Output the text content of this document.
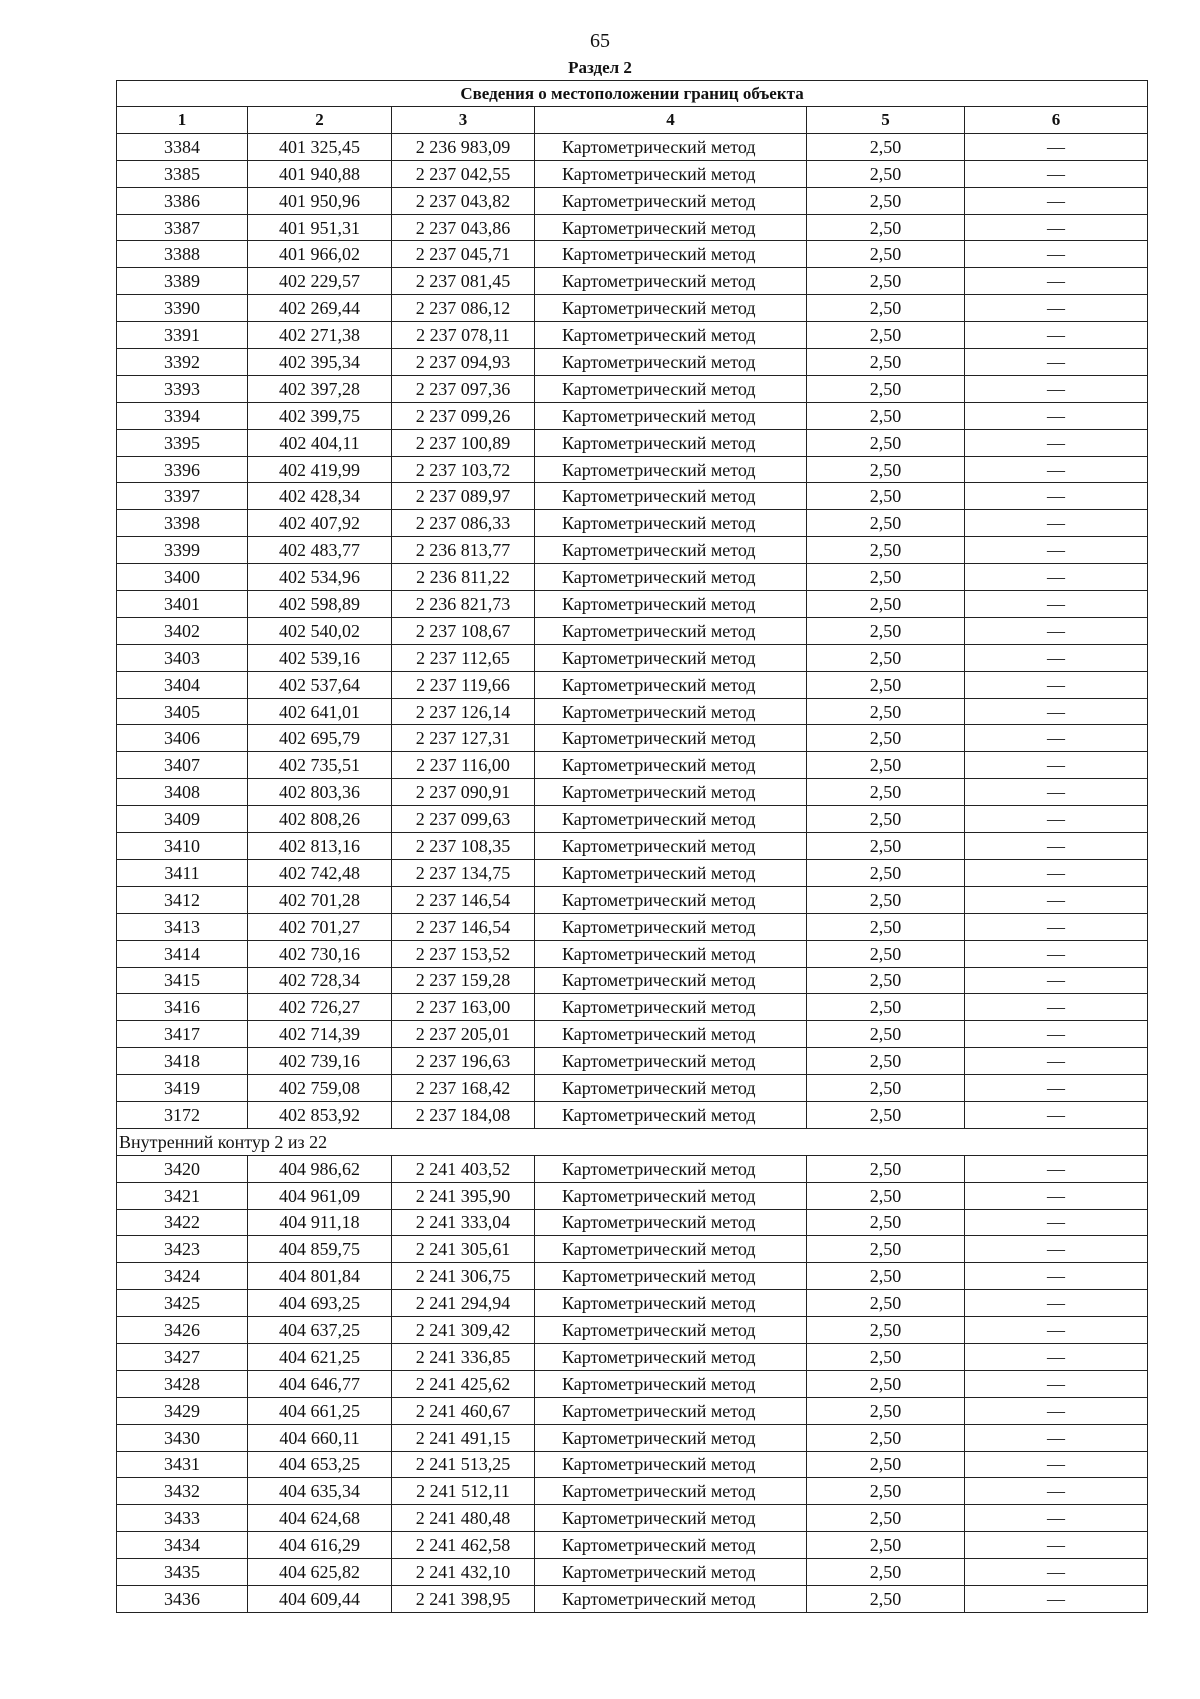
65
Раздел 2
Сведения о местоположении границ объекта					
1	2	3	4	5	6
3384	401 325,45	2 236 983,09	Картометрический метод	2,50	—
3385	401 940,88	2 237 042,55	Картометрический метод	2,50	—
3386	401 950,96	2 237 043,82	Картометрический метод	2,50	—
3387	401 951,31	2 237 043,86	Картометрический метод	2,50	—
3388	401 966,02	2 237 045,71	Картометрический метод	2,50	—
3389	402 229,57	2 237 081,45	Картометрический метод	2,50	—
3390	402 269,44	2 237 086,12	Картометрический метод	2,50	—
3391	402 271,38	2 237 078,11	Картометрический метод	2,50	—
3392	402 395,34	2 237 094,93	Картометрический метод	2,50	—
3393	402 397,28	2 237 097,36	Картометрический метод	2,50	—
3394	402 399,75	2 237 099,26	Картометрический метод	2,50	—
3395	402 404,11	2 237 100,89	Картометрический метод	2,50	—
3396	402 419,99	2 237 103,72	Картометрический метод	2,50	—
3397	402 428,34	2 237 089,97	Картометрический метод	2,50	—
3398	402 407,92	2 237 086,33	Картометрический метод	2,50	—
3399	402 483,77	2 236 813,77	Картометрический метод	2,50	—
3400	402 534,96	2 236 811,22	Картометрический метод	2,50	—
3401	402 598,89	2 236 821,73	Картометрический метод	2,50	—
3402	402 540,02	2 237 108,67	Картометрический метод	2,50	—
3403	402 539,16	2 237 112,65	Картометрический метод	2,50	—
3404	402 537,64	2 237 119,66	Картометрический метод	2,50	—
3405	402 641,01	2 237 126,14	Картометрический метод	2,50	—
3406	402 695,79	2 237 127,31	Картометрический метод	2,50	—
3407	402 735,51	2 237 116,00	Картометрический метод	2,50	—
3408	402 803,36	2 237 090,91	Картометрический метод	2,50	—
3409	402 808,26	2 237 099,63	Картометрический метод	2,50	—
3410	402 813,16	2 237 108,35	Картометрический метод	2,50	—
3411	402 742,48	2 237 134,75	Картометрический метод	2,50	—
3412	402 701,28	2 237 146,54	Картометрический метод	2,50	—
3413	402 701,27	2 237 146,54	Картометрический метод	2,50	—
3414	402 730,16	2 237 153,52	Картометрический метод	2,50	—
3415	402 728,34	2 237 159,28	Картометрический метод	2,50	—
3416	402 726,27	2 237 163,00	Картометрический метод	2,50	—
3417	402 714,39	2 237 205,01	Картометрический метод	2,50	—
3418	402 739,16	2 237 196,63	Картометрический метод	2,50	—
3419	402 759,08	2 237 168,42	Картометрический метод	2,50	—
3172	402 853,92	2 237 184,08	Картометрический метод	2,50	—
Внутренний контур 2 из 22					
3420	404 986,62	2 241 403,52	Картометрический метод	2,50	—
3421	404 961,09	2 241 395,90	Картометрический метод	2,50	—
3422	404 911,18	2 241 333,04	Картометрический метод	2,50	—
3423	404 859,75	2 241 305,61	Картометрический метод	2,50	—
3424	404 801,84	2 241 306,75	Картометрический метод	2,50	—
3425	404 693,25	2 241 294,94	Картометрический метод	2,50	—
3426	404 637,25	2 241 309,42	Картометрический метод	2,50	—
3427	404 621,25	2 241 336,85	Картометрический метод	2,50	—
3428	404 646,77	2 241 425,62	Картометрический метод	2,50	—
3429	404 661,25	2 241 460,67	Картометрический метод	2,50	—
3430	404 660,11	2 241 491,15	Картометрический метод	2,50	—
3431	404 653,25	2 241 513,25	Картометрический метод	2,50	—
3432	404 635,34	2 241 512,11	Картометрический метод	2,50	—
3433	404 624,68	2 241 480,48	Картометрический метод	2,50	—
3434	404 616,29	2 241 462,58	Картометрический метод	2,50	—
3435	404 625,82	2 241 432,10	Картометрический метод	2,50	—
3436	404 609,44	2 241 398,95	Картометрический метод	2,50	—
